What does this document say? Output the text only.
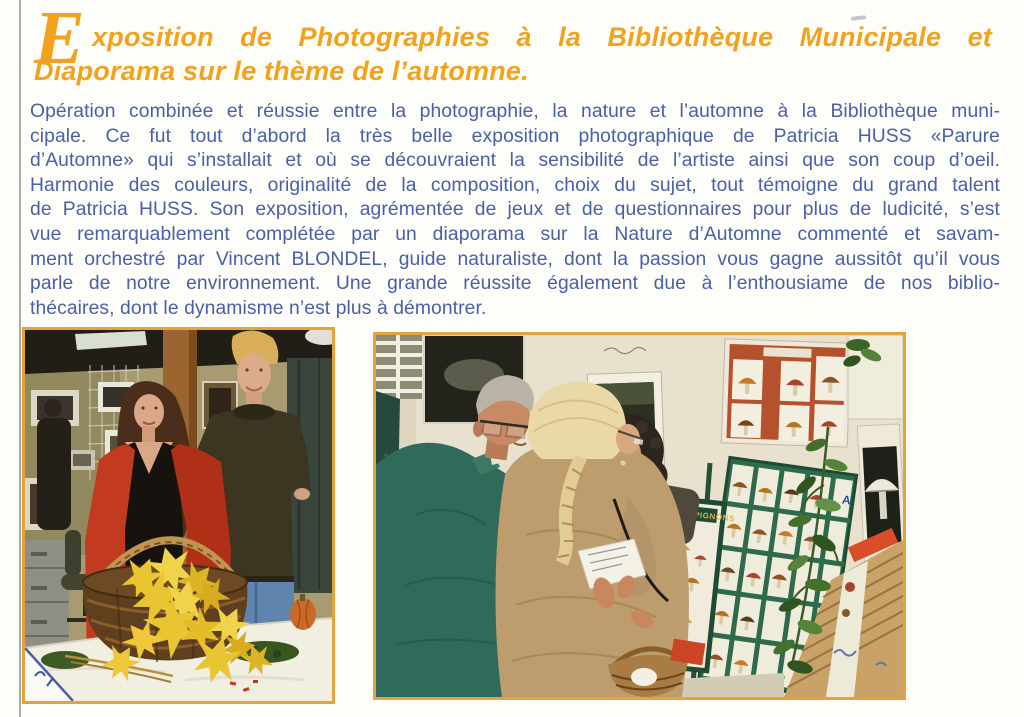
E xposition de Photographies à la Bibliothèque Municipale et
Diaporama sur le thème de l’automne.
Opération combinée et réussie entre la photographie, la nature et l’automne à la Bibliothèque muni-
cipale. Ce fut tout d’abord la très belle exposition photographique de Patricia HUSS «Parure
d’Automne» qui s’installait et où se découvraient la sensibilité de l’artiste ainsi que son coup d’oeil.
Harmonie des couleurs, originalité de la composition, choix du sujet, tout témoigne du grand talent
de Patricia HUSS. Son exposition, agrémentée de jeux et de questionnaires pour plus de ludicité, s’est
vue remarquablement complétée par un diaporama sur la Nature d’Automne commenté et savam-
ment orchestré par Vincent BLONDEL, guide naturaliste, dont la passion vous gagne aussitôt qu’il vous
parle de notre environnement. Une grande réussite également due à l’enthousiame de nos biblio-
thécaires, dont le dynamisme n’est plus à démontrer.
A
CHAMPIGNONS
